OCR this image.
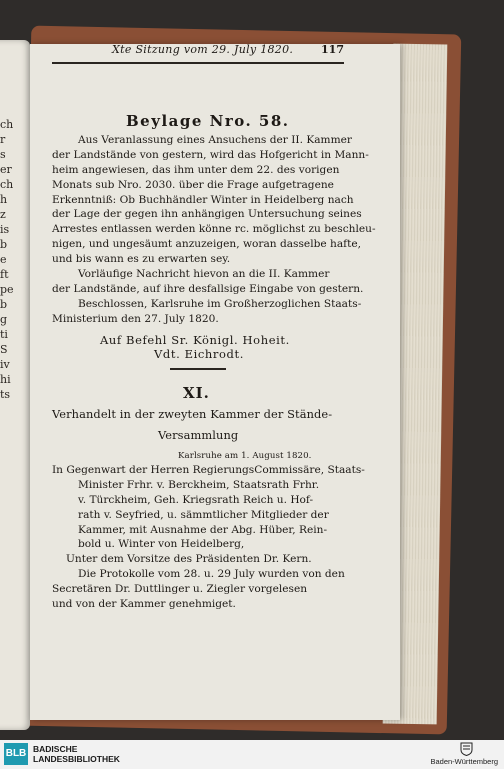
ch
r
s
er
ch
h
z
is
b
e
ft
pe
b
g
ti
S
iv
hi
ts
Xte Sitzung vom 29. July 1820.	117
Beylage Nro. 58.
Aus Veranlassung eines Ansuchens der II. Kammer
der Landstände von gestern, wird das Hofgericht in Mann-
heim angewiesen, das ihm unter dem 22. des vorigen
Monats sub Nro. 2030. über die Frage aufgetragene
Erkenntniß: Ob Buchhändler Winter in Heidelberg nach
der Lage der gegen ihn anhängigen Untersuchung seines
Arrestes entlassen werden könne rc. möglichst zu beschleu-
nigen, und ungesäumt anzuzeigen, woran dasselbe hafte,
und bis wann es zu erwarten sey.
Vorläufige Nachricht hievon an die II. Kammer
der Landstände, auf ihre desfallsige Eingabe von gestern.
Beschlossen, Karlsruhe im Großherzoglichen Staats-
Ministerium den 27. July 1820.
Auf Befehl Sr. Königl. Hoheit.
Vdt. Eichrodt.
XI.
Verhandelt in der zweyten Kammer der Stände-
Versammlung
Karlsruhe am 1. August 1820.
In Gegenwart der Herren RegierungsCommissäre, Staats-
Minister Frhr. v. Berckheim, Staatsrath Frhr.
v. Türckheim, Geh. Kriegsrath Reich u. Hof-
rath v. Seyfried, u. sämmtlicher Mitglieder der
Kammer, mit Ausnahme der Abg. Hüber, Rein-
bold u. Winter von Heidelberg,
Unter dem Vorsitze des Präsidenten Dr. Kern.
Die Protokolle vom 28. u. 29 July wurden von den
Secretären Dr. Duttlinger u. Ziegler vorgelesen
und von der Kammer genehmiget.
BLB BADISCHE
LANDESBIBLIOTHEK	Baden-Württemberg
